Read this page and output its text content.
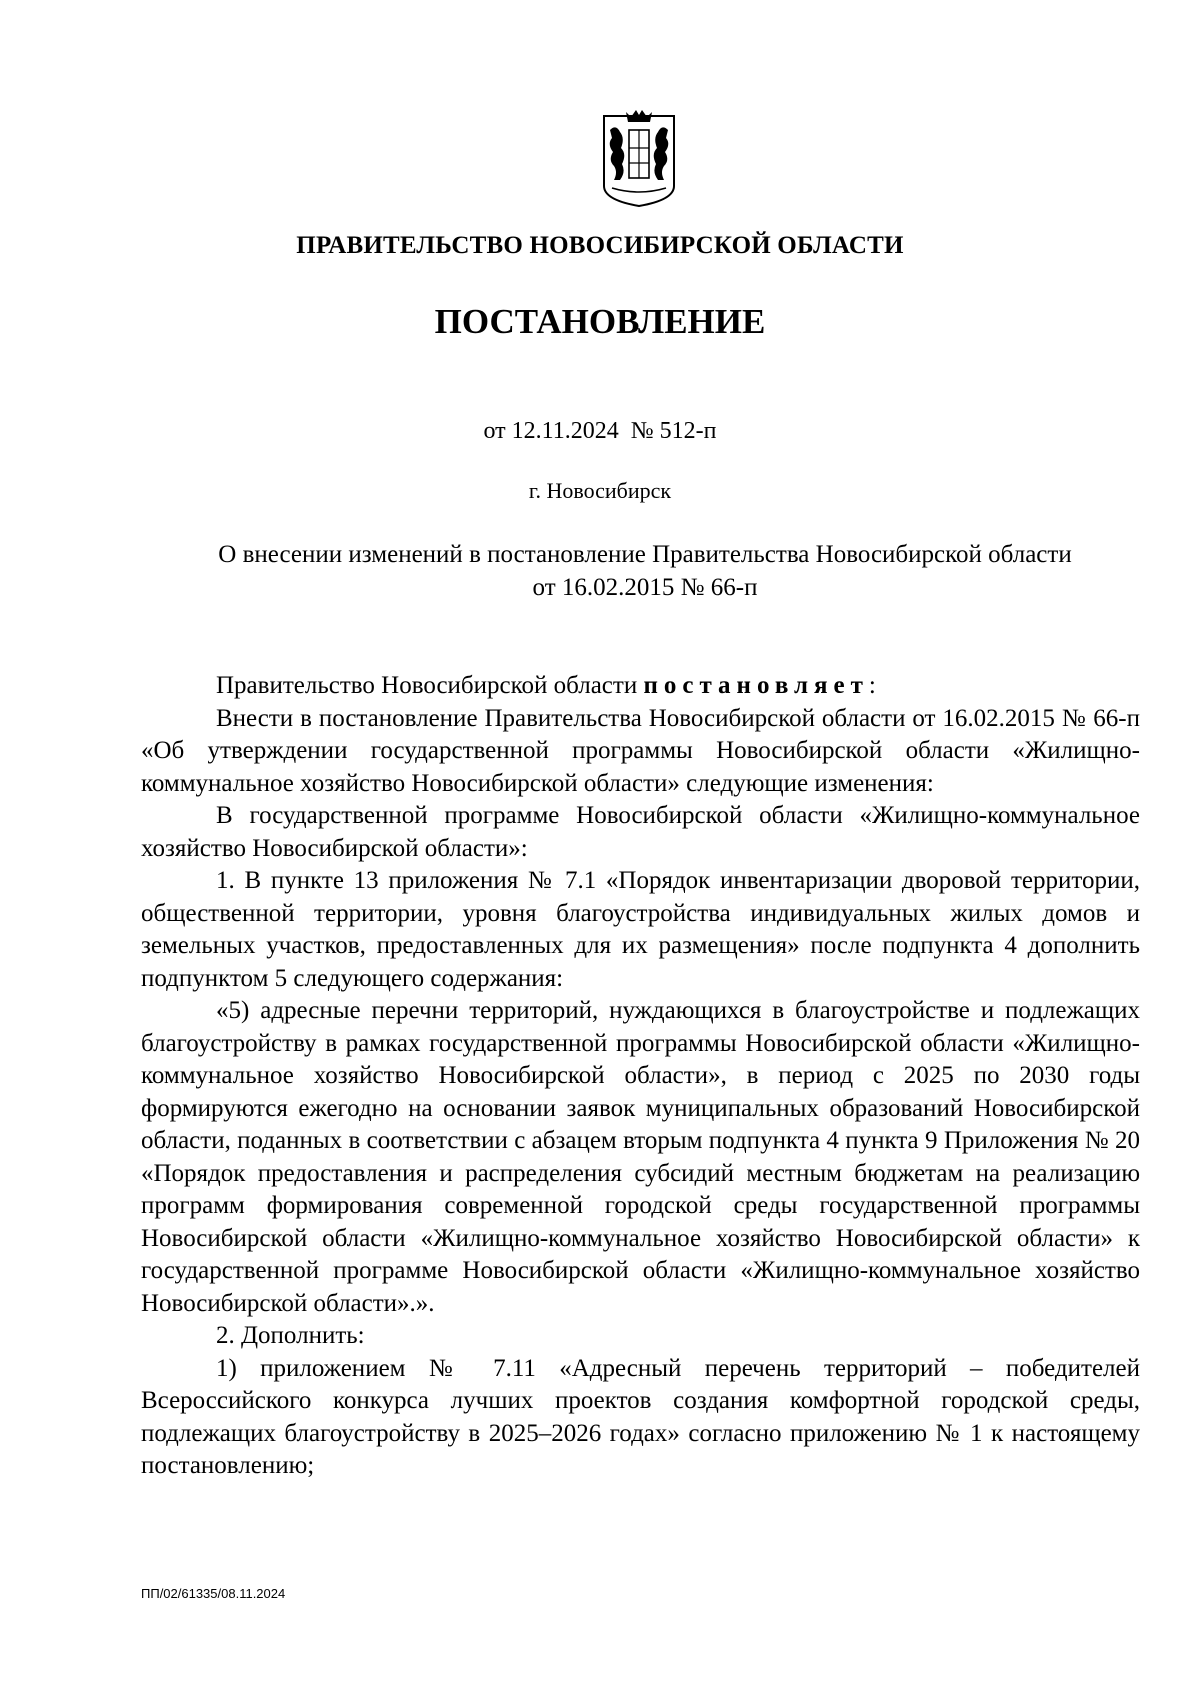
ПРАВИТЕЛЬСТВО НОВОСИБИРСКОЙ ОБЛАСТИ
ПОСТАНОВЛЕНИЕ
от 12.11.2024  № 512-п
г. Новосибирск
О внесении изменений в постановление Правительства Новосибирской области
от 16.02.2015 № 66-п

Правительство Новосибирской области постановляет:

Внести в постановление Правительства Новосибирской области от 16.02.2015 № 66-п «Об утверждении государственной программы Новосибирской области «Жилищно-коммунальное хозяйство Новосибирской области» следующие изменения:

В государственной программе Новосибирской области «Жилищно-коммунальное хозяйство Новосибирской области»:

1. В пункте 13 приложения № 7.1 «Порядок инвентаризации дворовой территории, общественной территории, уровня благоустройства индивидуальных жилых домов и земельных участков, предоставленных для их размещения» после подпункта 4 дополнить подпунктом 5 следующего содержания:

«5) адресные перечни территорий, нуждающихся в благоустройстве и подлежащих благоустройству в рамках государственной программы Новосибирской области «Жилищно-коммунальное хозяйство Новосибирской области», в период с 2025 по 2030 годы формируются ежегодно на основании заявок муниципальных образований Новосибирской области, поданных в соответствии с абзацем вторым подпункта 4 пункта 9 Приложения № 20 «Порядок предоставления и распределения субсидий местным бюджетам на реализацию программ формирования современной городской среды государственной программы Новосибирской области «Жилищно-коммунальное хозяйство Новосибирской области» к государственной программе Новосибирской области «Жилищно-коммунальное хозяйство Новосибирской области».».

2. Дополнить:

1) приложением № 7.11 «Адресный перечень территорий – победителей Всероссийского конкурса лучших проектов создания комфортной городской среды, подлежащих благоустройству в 2025–2026 годах» согласно приложению № 1 к настоящему постановлению;

ПП/02/61335/08.11.2024
